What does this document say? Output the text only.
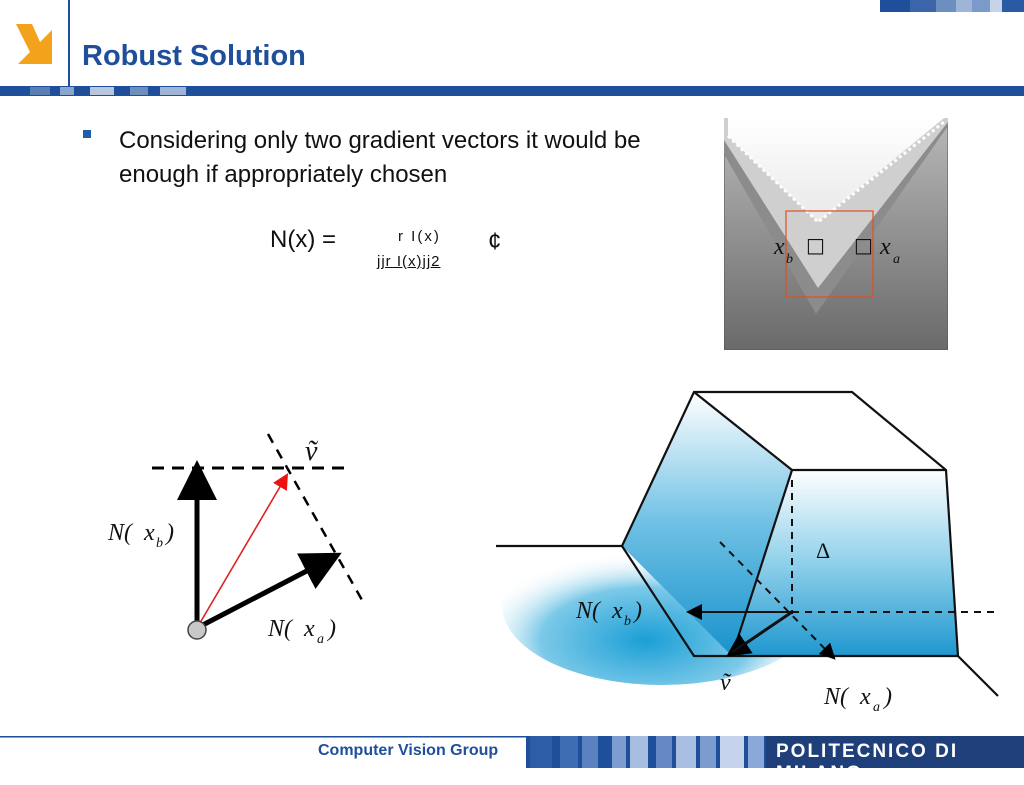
Robust Solution
Considering only two gradient vectors it would be enough if appropriately chosen
N(x) =	r I(x)
jjr I(x)jj2
¢	x b
□ □ x a
ṽ
N( x b )
N( x a )
Δ
ṽ
N( x b )
N( x a )
Computer Vision Group	POLITECNICO DI MILANO
